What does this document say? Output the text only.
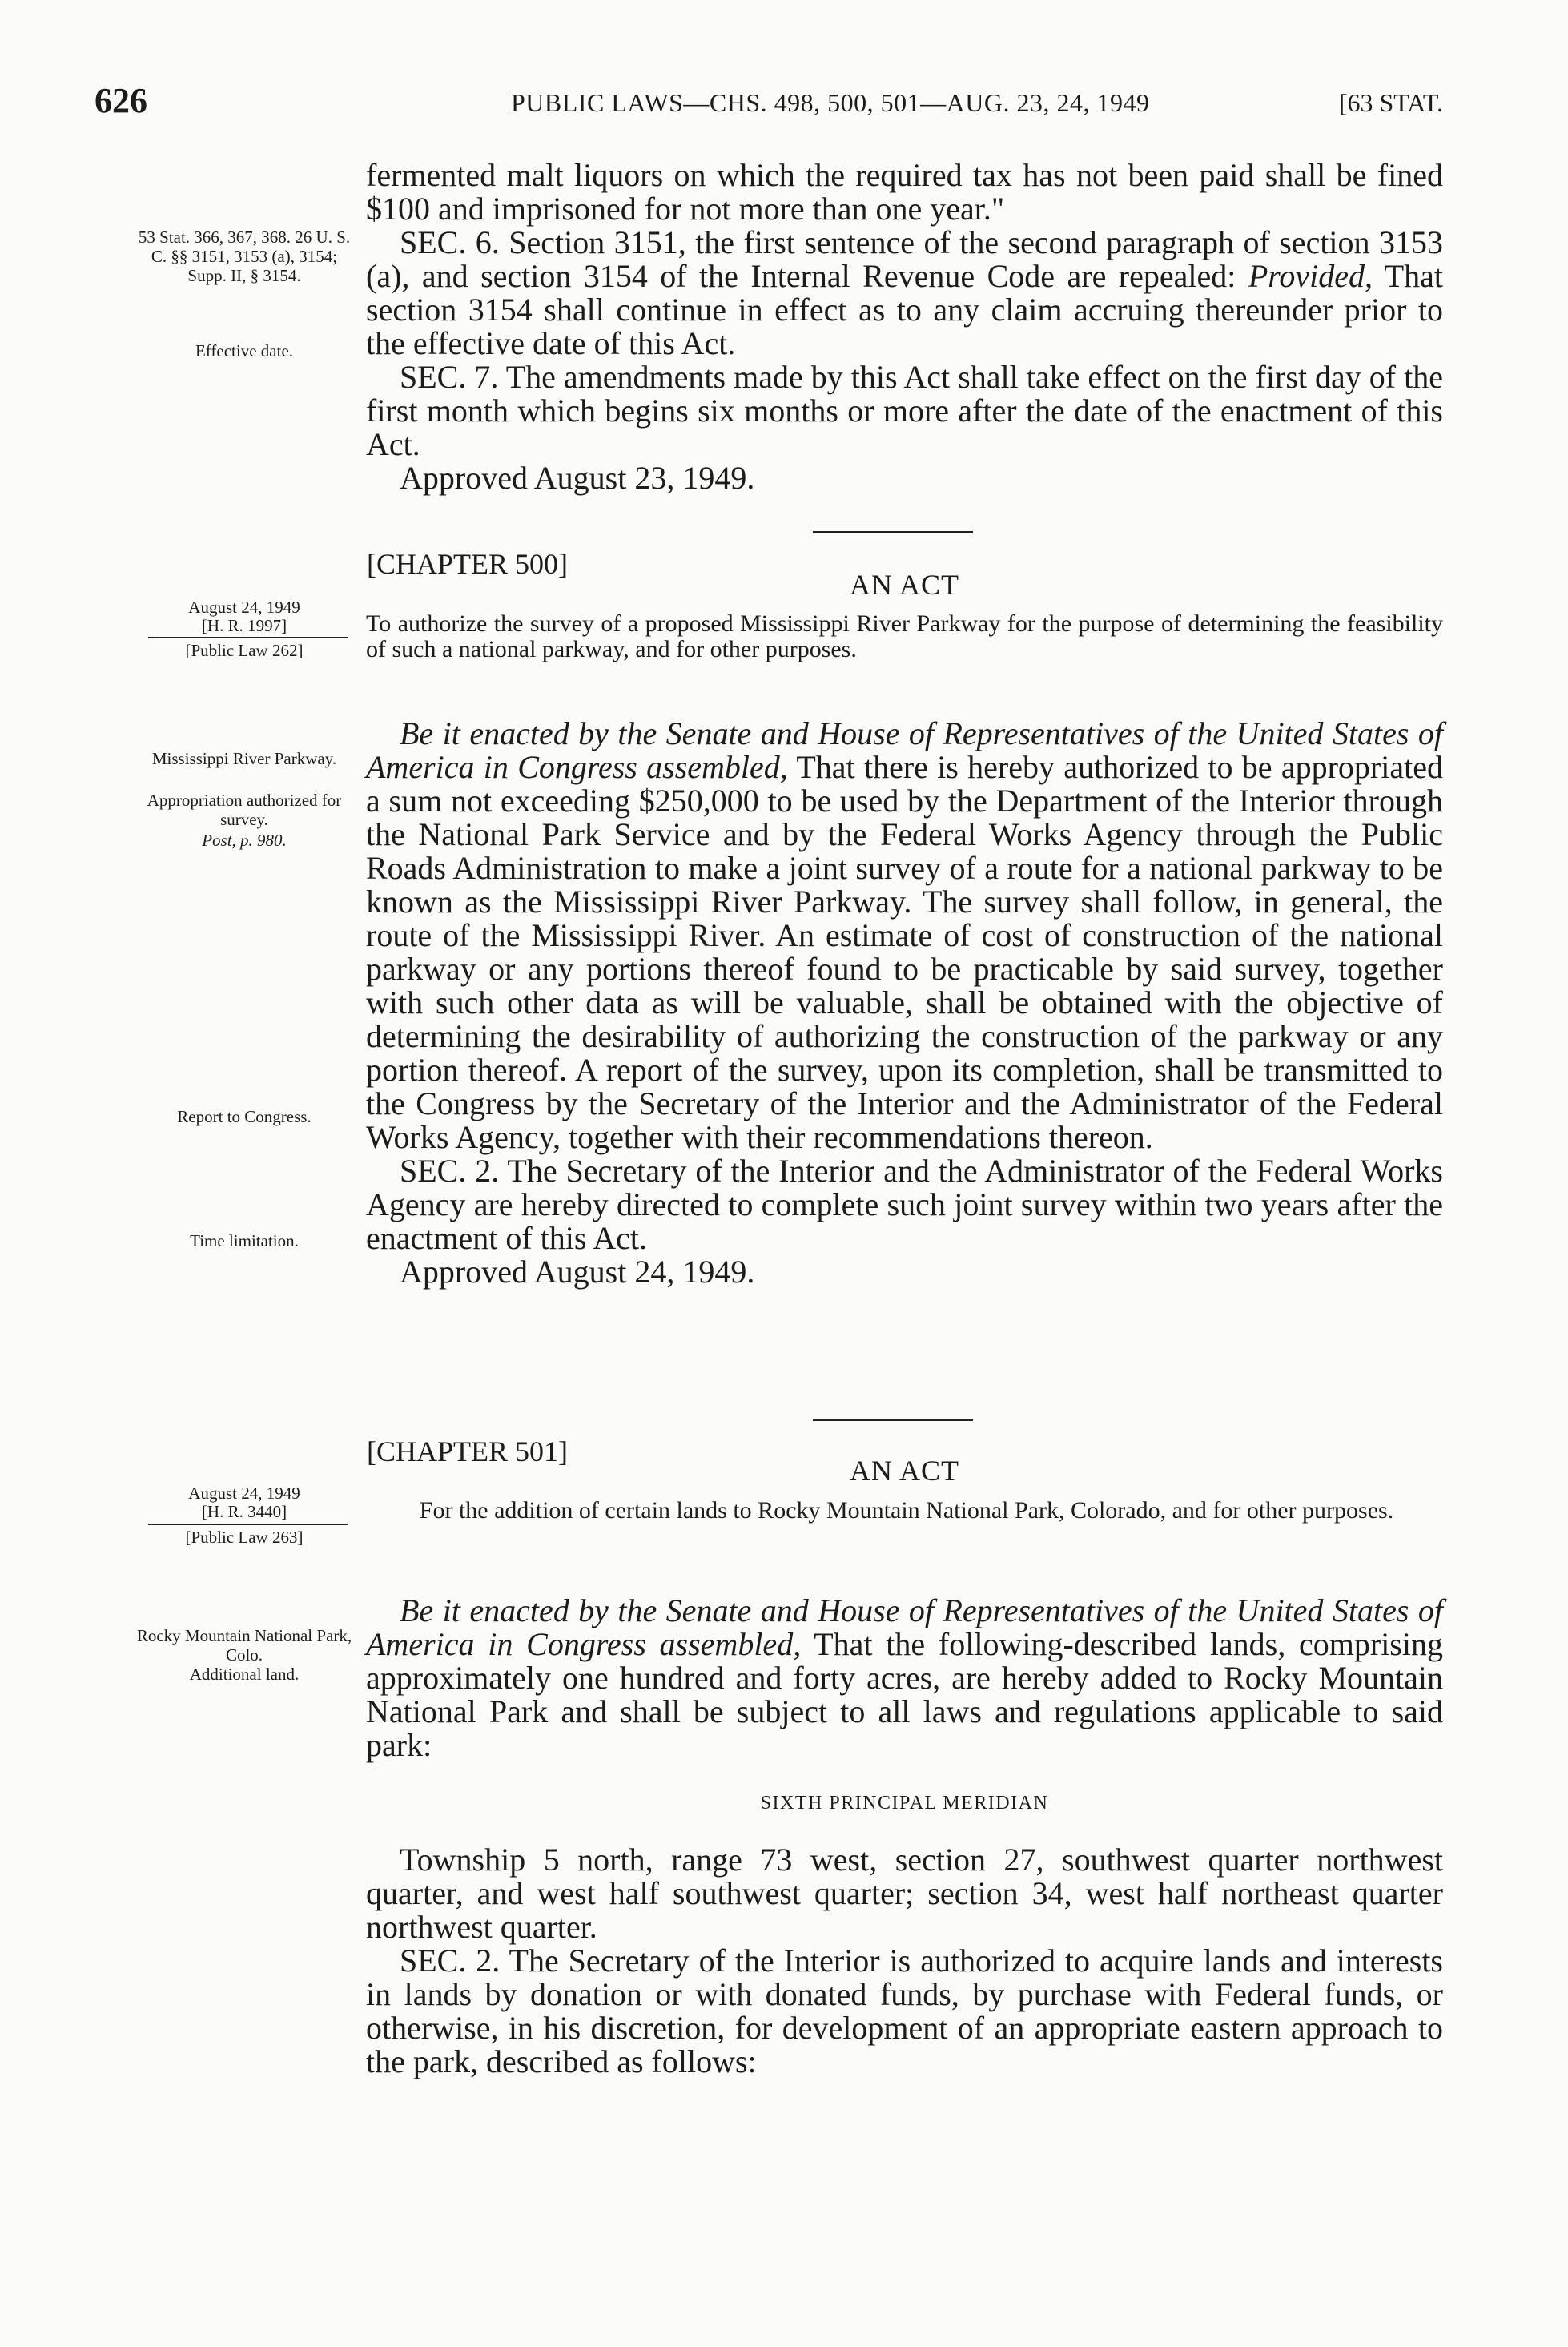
626	PUBLIC LAWS—CHS. 498, 500, 501—AUG. 23, 24, 1949	[63 STAT.

fermented malt liquors on which the required tax has not been paid shall be fined $100 and imprisoned for not more than one year."

SEC. 6. Section 3151, the first sentence of the second paragraph of section 3153 (a), and section 3154 of the Internal Revenue Code are repealed: Provided, That section 3154 shall continue in effect as to any claim accruing thereunder prior to the effective date of this Act.

SEC. 7. The amendments made by this Act shall take effect on the first day of the first month which begins six months or more after the date of the enactment of this Act.

Approved August 23, 1949.

53 Stat. 366, 367, 368. 26 U. S. C. §§ 3151, 3153 (a), 3154; Supp. II, § 3154.
Effective date.
[CHAPTER 500]
AN ACT
To authorize the survey of a proposed Mississippi River Parkway for the purpose of determining the feasibility of such a national parkway, and for other purposes.
August 24, 1949
[H. R. 1997]
[Public Law 262]

Be it enacted by the Senate and House of Representatives of the United States of America in Congress assembled, That there is hereby authorized to be appropriated a sum not exceeding $250,000 to be used by the Department of the Interior through the National Park Service and by the Federal Works Agency through the Public Roads Administration to make a joint survey of a route for a national parkway to be known as the Mississippi River Parkway. The survey shall follow, in general, the route of the Mississippi River. An estimate of cost of construction of the national parkway or any portions thereof found to be practicable by said survey, together with such other data as will be valuable, shall be obtained with the objective of determining the desirability of authorizing the construction of the parkway or any portion thereof. A report of the survey, upon its completion, shall be transmitted to the Congress by the Secretary of the Interior and the Administrator of the Federal Works Agency, together with their recommendations thereon.

SEC. 2. The Secretary of the Interior and the Administrator of the Federal Works Agency are hereby directed to complete such joint survey within two years after the enactment of this Act.

Approved August 24, 1949.

Mississippi River Parkway.
Appropriation authorized for survey.
Post, p. 980.
Report to Congress.
Time limitation.
[CHAPTER 501]
AN ACT
For the addition of certain lands to Rocky Mountain National Park, Colorado, and for other purposes.
August 24, 1949
[H. R. 3440]
[Public Law 263]

Be it enacted by the Senate and House of Representatives of the United States of America in Congress assembled, That the following-described lands, comprising approximately one hundred and forty acres, are hereby added to Rocky Mountain National Park and shall be subject to all laws and regulations applicable to said park:

SIXTH PRINCIPAL MERIDIAN

Township 5 north, range 73 west, section 27, southwest quarter northwest quarter, and west half southwest quarter; section 34, west half northeast quarter northwest quarter.

SEC. 2. The Secretary of the Interior is authorized to acquire lands and interests in lands by donation or with donated funds, by purchase with Federal funds, or otherwise, in his discretion, for development of an appropriate eastern approach to the park, described as follows:

Rocky Mountain National Park, Colo.
Additional land.
